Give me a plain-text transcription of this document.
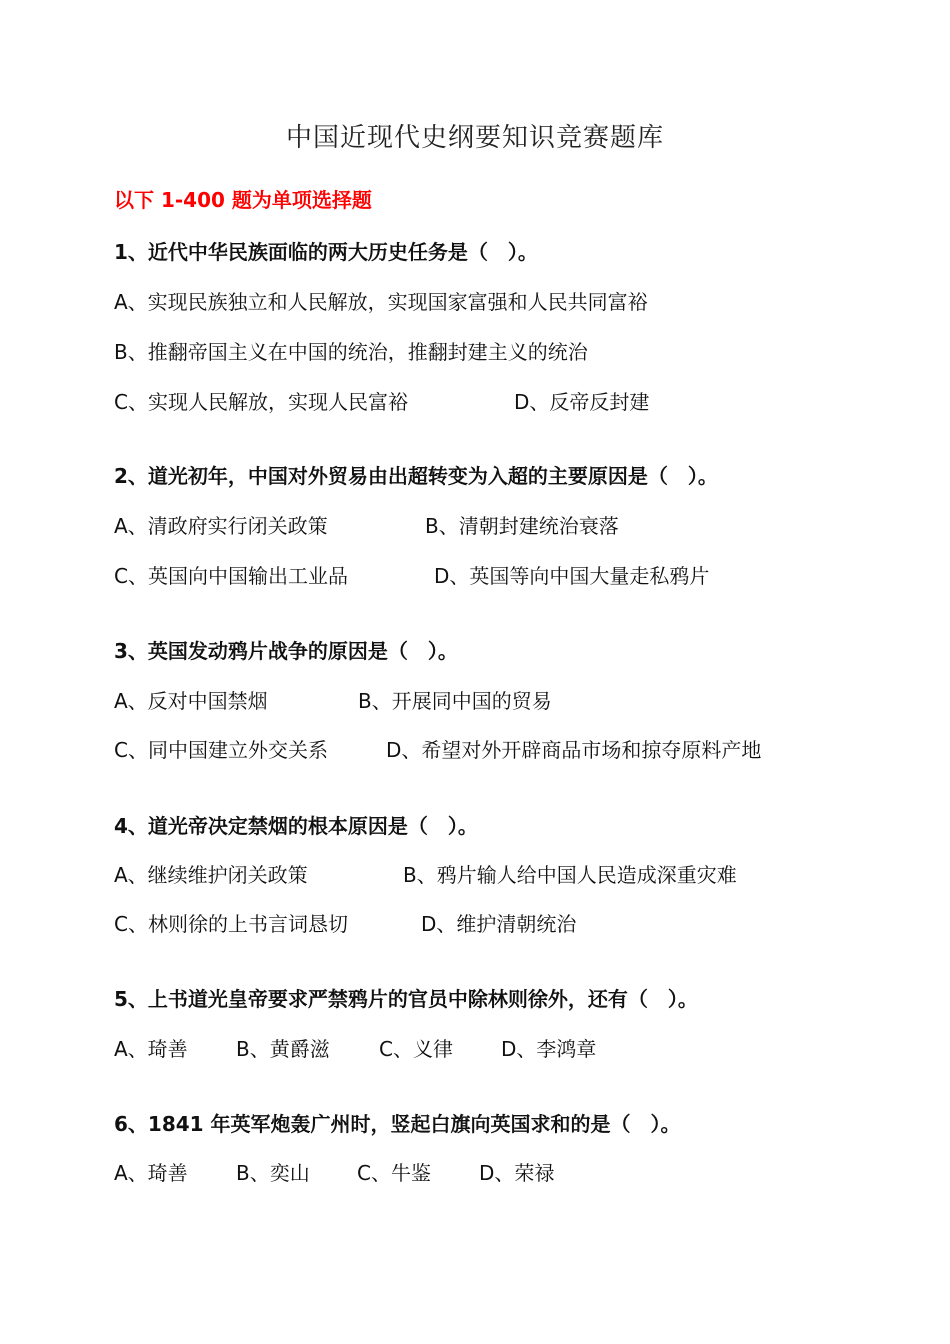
中国近现代史纲要知识竞赛题库
以下 1-400 题为单项选择题
1、近代中华民族面临的两大历史任务是（　）。
A、实现民族独立和人民解放，实现国家富强和人民共同富裕
B、推翻帝国主义在中国的统治，推翻封建主义的统治
C、实现人民解放，实现人民富裕	D、反帝反封建
2、道光初年，中国对外贸易由出超转变为入超的主要原因是（　）。
A、清政府实行闭关政策	B、清朝封建统治衰落
C、英国向中国输出工业品	D、英国等向中国大量走私鸦片
3、英国发动鸦片战争的原因是（　）。
A、反对中国禁烟	B、开展同中国的贸易
C、同中国建立外交关系	D、希望对外开辟商品市场和掠夺原料产地
4、道光帝决定禁烟的根本原因是（　）。
A、继续维护闭关政策	B、鸦片输人给中国人民造成深重灾难
C、林则徐的上书言词恳切	D、维护清朝统治
5、上书道光皇帝要求严禁鸦片的官员中除林则徐外，还有（　）。
A、琦善 B、黄爵滋 C、义律 D、李鸿章
6、1841 年英军炮轰广州时，竖起白旗向英国求和的是（　）。
A、琦善 B、奕山 C、牛鉴 D、荣禄
